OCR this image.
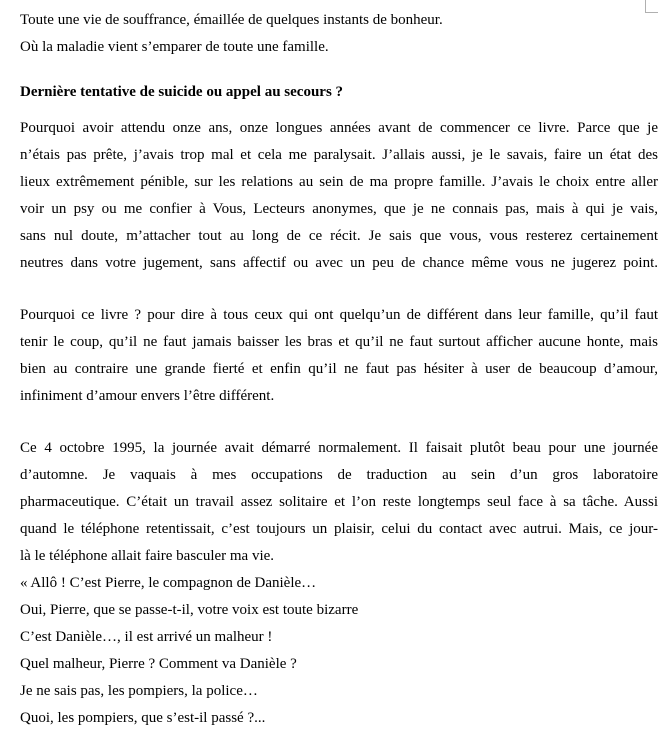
Toute une vie de souffrance, émaillée de quelques instants de bonheur.
Où la maladie vient s’emparer de toute une famille.
Dernière tentative de suicide ou appel au secours ?
Pourquoi avoir attendu onze ans, onze longues années avant de commencer ce livre. Parce que je
n’étais pas prête, j’avais trop mal et cela me paralysait. J’allais aussi, je le savais, faire un état des
lieux extrêmement pénible, sur les relations au sein de ma propre famille. J’avais le choix entre aller
voir un psy ou me confier à Vous, Lecteurs anonymes, que je ne connais pas, mais à qui je vais,
sans nul doute, m’attacher tout au long de ce récit. Je sais que vous, vous resterez certainement
neutres dans votre jugement, sans affectif ou avec un peu de chance même vous ne jugerez point.
Pourquoi ce livre ? pour dire à tous ceux qui ont quelqu’un de différent dans leur famille, qu’il faut
tenir le coup, qu’il ne faut jamais baisser les bras et qu’il ne faut surtout afficher aucune honte, mais
bien au contraire une grande fierté et enfin qu’il ne faut pas hésiter à user de beaucoup d’amour,
infiniment d’amour envers l’être différent.
Ce 4 octobre 1995, la journée avait démarré normalement. Il faisait plutôt beau pour une journée
d’automne. Je vaquais à mes occupations de traduction au sein d’un gros laboratoire
pharmaceutique. C’était un travail assez solitaire et l’on reste longtemps seul face à sa tâche. Aussi
quand le téléphone retentissait, c’est toujours un plaisir, celui du contact avec autrui. Mais, ce jour-
là le téléphone allait faire basculer ma vie.
« Allô ! C’est Pierre, le compagnon de Danièle…
Oui, Pierre, que se passe-t-il, votre voix est toute bizarre
C’est Danièle…, il est arrivé un malheur !
Quel malheur, Pierre ? Comment va Danièle ?
Je ne sais pas, les pompiers, la police…
Quoi, les pompiers, que s’est-il passé ?...
